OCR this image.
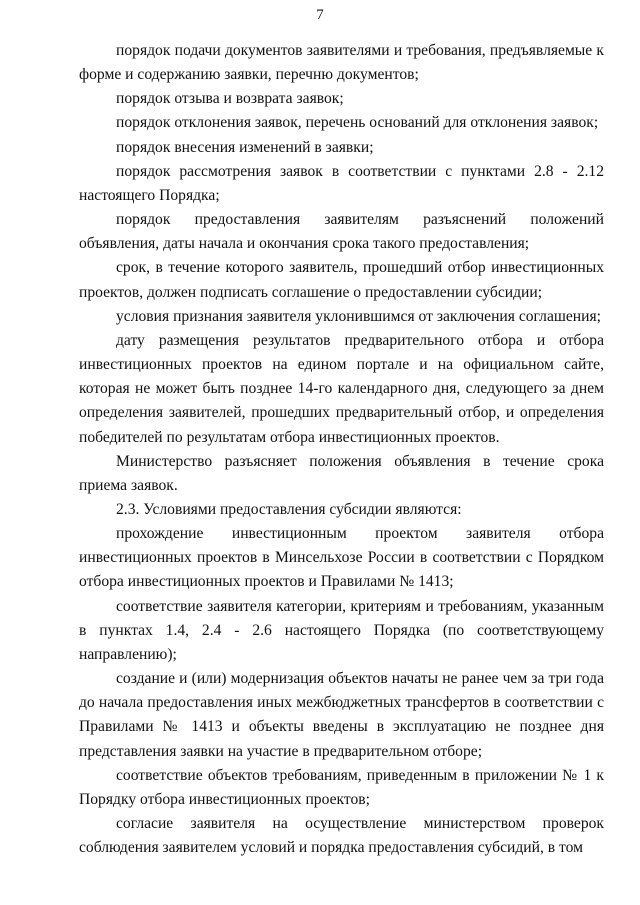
7

порядок подачи документов заявителями и требования, предъявляемые к форме и содержанию заявки, перечню документов;

порядок отзыва и возврата заявок;

порядок отклонения заявок, перечень оснований для отклонения заявок;

порядок внесения изменений в заявки;

порядок рассмотрения заявок в соответствии с пунктами 2.8 - 2.12 настоящего Порядка;

порядок предоставления заявителям разъяснений положений объявления, даты начала и окончания срока такого предоставления;

срок, в течение которого заявитель, прошедший отбор инвестиционных проектов, должен подписать соглашение о предоставлении субсидии;

условия признания заявителя уклонившимся от заключения соглашения;

дату размещения результатов предварительного отбора и отбора инвестиционных проектов на едином портале и на официальном сайте, которая не может быть позднее 14-го календарного дня, следующего за днем определения заявителей, прошедших предварительный отбор, и определения победителей по результатам отбора инвестиционных проектов.

Министерство разъясняет положения объявления в течение срока приема заявок.

2.3. Условиями предоставления субсидии являются:

прохождение инвестиционным проектом заявителя отбора инвестиционных проектов в Минсельхозе России в соответствии с Порядком отбора инвестиционных проектов и Правилами № 1413;

соответствие заявителя категории, критериям и требованиям, указанным в пунктах 1.4, 2.4 - 2.6 настоящего Порядка (по соответствующему направлению);

создание и (или) модернизация объектов начаты не ранее чем за три года до начала предоставления иных межбюджетных трансфертов в соответствии с Правилами № 1413 и объекты введены в эксплуатацию не позднее дня представления заявки на участие в предварительном отборе;

соответствие объектов требованиям, приведенным в приложении № 1 к Порядку отбора инвестиционных проектов;

согласие заявителя на осуществление министерством проверок соблюдения заявителем условий и порядка предоставления субсидий, в том
